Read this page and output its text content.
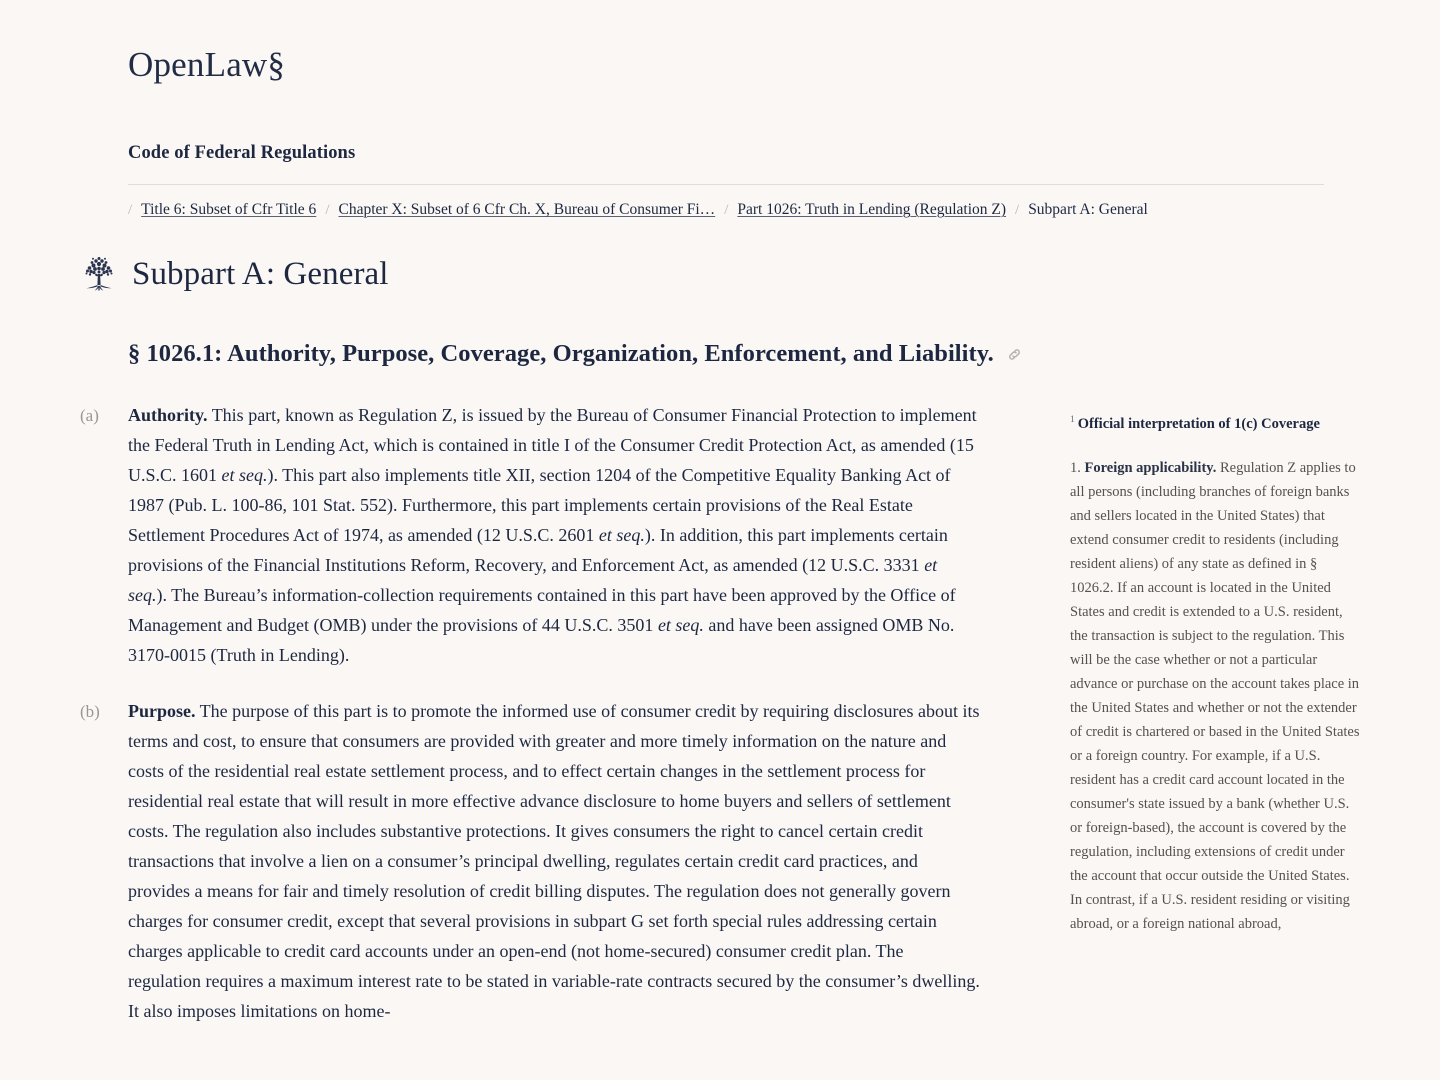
OpenLaw§
Code of Federal Regulations
/ Title 6: Subset of Cfr Title 6 / Chapter X: Subset of 6 Cfr Ch. X, Bureau of Consumer Fi… / Part 1026: Truth in Lending (Regulation Z) / Subpart A: General
Subpart A: General
§ 1026.1: Authority, Purpose, Coverage, Organization, Enforcement, and Liability.
(a)	Authority. This part, known as Regulation Z, is issued by the Bureau of Consumer Financial Protection to implement the Federal Truth in Lending Act, which is contained in title I of the Consumer Credit Protection Act, as amended (15 U.S.C. 1601 et seq.). This part also implements title XII, section 1204 of the Competitive Equality Banking Act of 1987 (Pub. L. 100-86, 101 Stat. 552). Furthermore, this part implements certain provisions of the Real Estate Settlement Procedures Act of 1974, as amended (12 U.S.C. 2601 et seq.). In addition, this part implements certain provisions of the Financial Institutions Reform, Recovery, and Enforcement Act, as amended (12 U.S.C. 3331 et seq.). The Bureau’s information-collection requirements contained in this part have been approved by the Office of Management and Budget (OMB) under the provisions of 44 U.S.C. 3501 et seq. and have been assigned OMB No. 3170-0015 (Truth in Lending).
(b)	Purpose. The purpose of this part is to promote the informed use of consumer credit by requiring disclosures about its terms and cost, to ensure that consumers are provided with greater and more timely information on the nature and costs of the residential real estate settlement process, and to effect certain changes in the settlement process for residential real estate that will result in more effective advance disclosure to home buyers and sellers of settlement costs. The regulation also includes substantive protections. It gives consumers the right to cancel certain credit transactions that involve a lien on a consumer’s principal dwelling, regulates certain credit card practices, and provides a means for fair and timely resolution of credit billing disputes. The regulation does not generally govern charges for consumer credit, except that several provisions in subpart G set forth special rules addressing certain charges applicable to credit card accounts under an open-end (not home-secured) consumer credit plan. The regulation requires a maximum interest rate to be stated in variable-rate contracts secured by the consumer’s dwelling. It also imposes limitations on home-
$^1$ Official interpretation of 1(c) Coverage
1. Foreign applicability. Regulation Z applies to all persons (including branches of foreign banks and sellers located in the United States) that extend consumer credit to residents (including resident aliens) of any state as defined in § 1026.2. If an account is located in the United States and credit is extended to a U.S. resident, the transaction is subject to the regulation. This will be the case whether or not a particular advance or purchase on the account takes place in the United States and whether or not the extender of credit is chartered or based in the United States or a foreign country. For example, if a U.S. resident has a credit card account located in the consumer's state issued by a bank (whether U.S. or foreign-based), the account is covered by the regulation, including extensions of credit under the account that occur outside the United States. In contrast, if a U.S. resident residing or visiting abroad, or a foreign national abroad,
